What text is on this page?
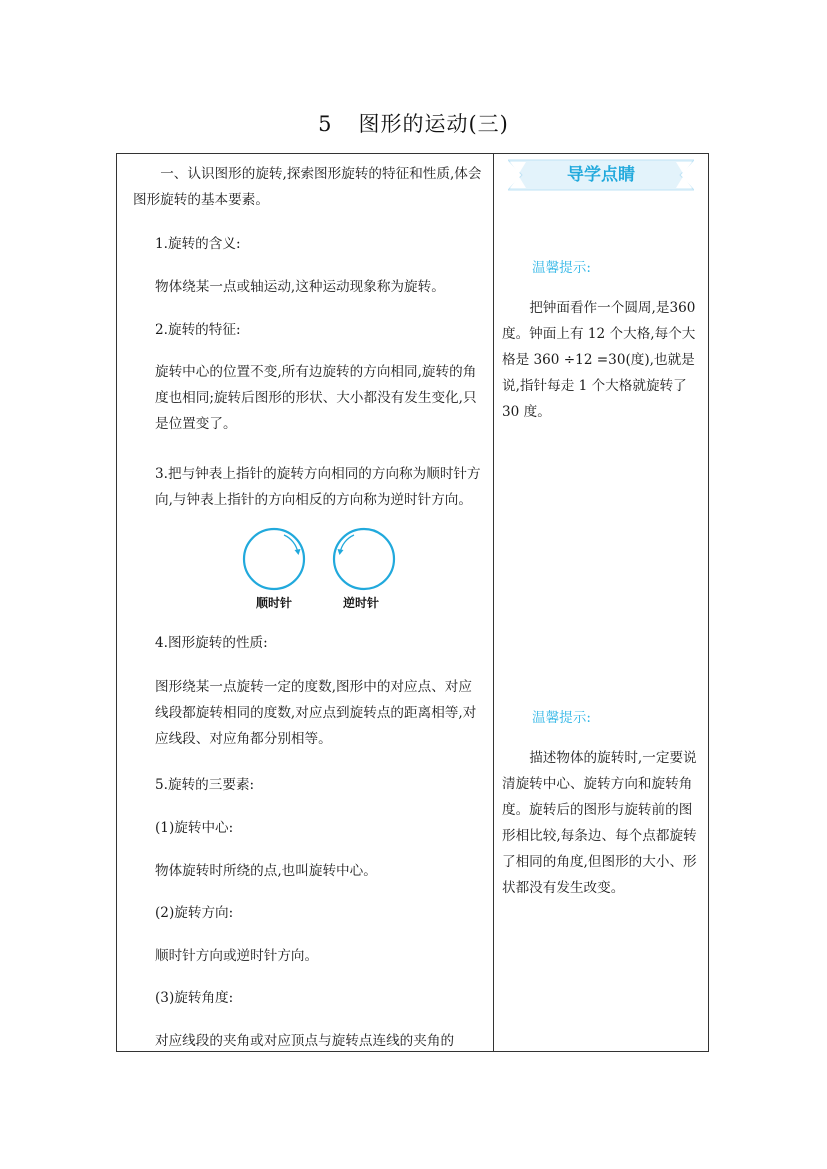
5 图形的运动(三)

一、认识图形的旋转,探索图形旋转的特征和性质,体会图形旋转的基本要素。

1.旋转的含义:

物体绕某一点或轴运动,这种运动现象称为旋转。

2.旋转的特征:

旋转中心的位置不变,所有边旋转的方向相同,旋转的角度也相同;旋转后图形的形状、大小都没有发生变化,只是位置变了。

3.把与钟表上指针的旋转方向相同的方向称为顺时针方向,与钟表上指针的方向相反的方向称为逆时针方向。

顺时针	逆时针

4.图形旋转的性质:

图形绕某一点旋转一定的度数,图形中的对应点、对应线段都旋转相同的度数,对应点到旋转点的距离相等,对应线段、对应角都分别相等。

5.旋转的三要素:

(1)旋转中心:

物体旋转时所绕的点,也叫旋转中心。

(2)旋转方向:

顺时针方向或逆时针方向。

(3)旋转角度:

对应线段的夹角或对应顶点与旋转点连线的夹角的

导学点睛
温馨提示:

把钟面看作一个圆周,是360 度。钟面上有 12 个大格,每个大格是 360 ÷12 =30(度),也就是说,指针每走 1 个大格就旋转了 30 度。

温馨提示:

描述物体的旋转时,一定要说清旋转中心、旋转方向和旋转角度。旋转后的图形与旋转前的图形相比较,每条边、每个点都旋转了相同的角度,但图形的大小、形状都没有发生改变。
